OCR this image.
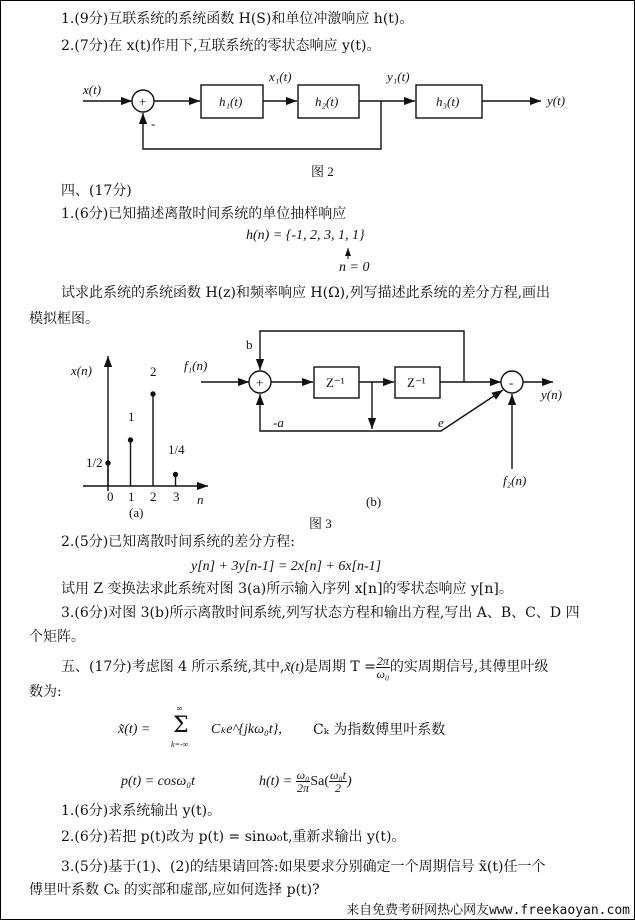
1.(9分)互联系统的系统函数 H(S)和单位冲激响应 h(t)。
2.(7分)在 x(t)作用下,互联系统的零状态响应 y(t)。
x(t)
+
-
h₁(t)	h₂(t)	h₃(t)
x₁(t)	y₁(t)
y(t)
图 2
x(n)
n
1/2
1
2
1/4
0 1 2 3
(a)
f₁(n)
b
+	-
Z⁻¹	Z⁻¹
-a	e
y(n)
f₂(n)
(b)
图 3
四、(17分)
1.(6分)已知描述离散时间系统的单位抽样响应
h(n) = {-1, 2, 3, 1, 1}
n = 0
试求此系统的系统函数 H(z)和频率响应 H(Ω),列写描述此系统的差分方程,画出
模拟框图。
2.(5分)已知离散时间系统的差分方程:
y[n] + 3y[n-1] = 2x[n] + 6x[n-1]
试用 Z 变换法求此系统对图 3(a)所示输入序列 x[n]的零状态响应 y[n]。
3.(6分)对图 3(b)所示离散时间系统,列写状态方程和输出方程,写出 A、B、C、D 四
个矩阵。
五、(17分)考虑图 4 所示系统,其中,x̃(t)是周期 $T = \frac{2\pi}{\text{ω₀}}$ 的实周期信号,其傅里叶级
数为:
x̃(t) =
∞
Σ
k=-∞
Cₖe^{jkω₀t}, Cₖ 为指数傅里叶系数
p(t) = cosω₀t	$h(t) = \frac{\text{ω₀}}{2\pi} Sa( \frac{\text{ω₀t}}{2}$ )
1.(6分)求系统输出 y(t)。
2.(6分)若把 p(t)改为 p(t) = sinω₀t,重新求输出 y(t)。
3.(5分)基于(1)、(2)的结果请回答:如果要求分别确定一个周期信号 x̃(t)任一个
傅里叶系数 Cₖ 的实部和虚部,应如何选择 p(t)?
来自免费考研网热心网友www.freekaoyan.com
